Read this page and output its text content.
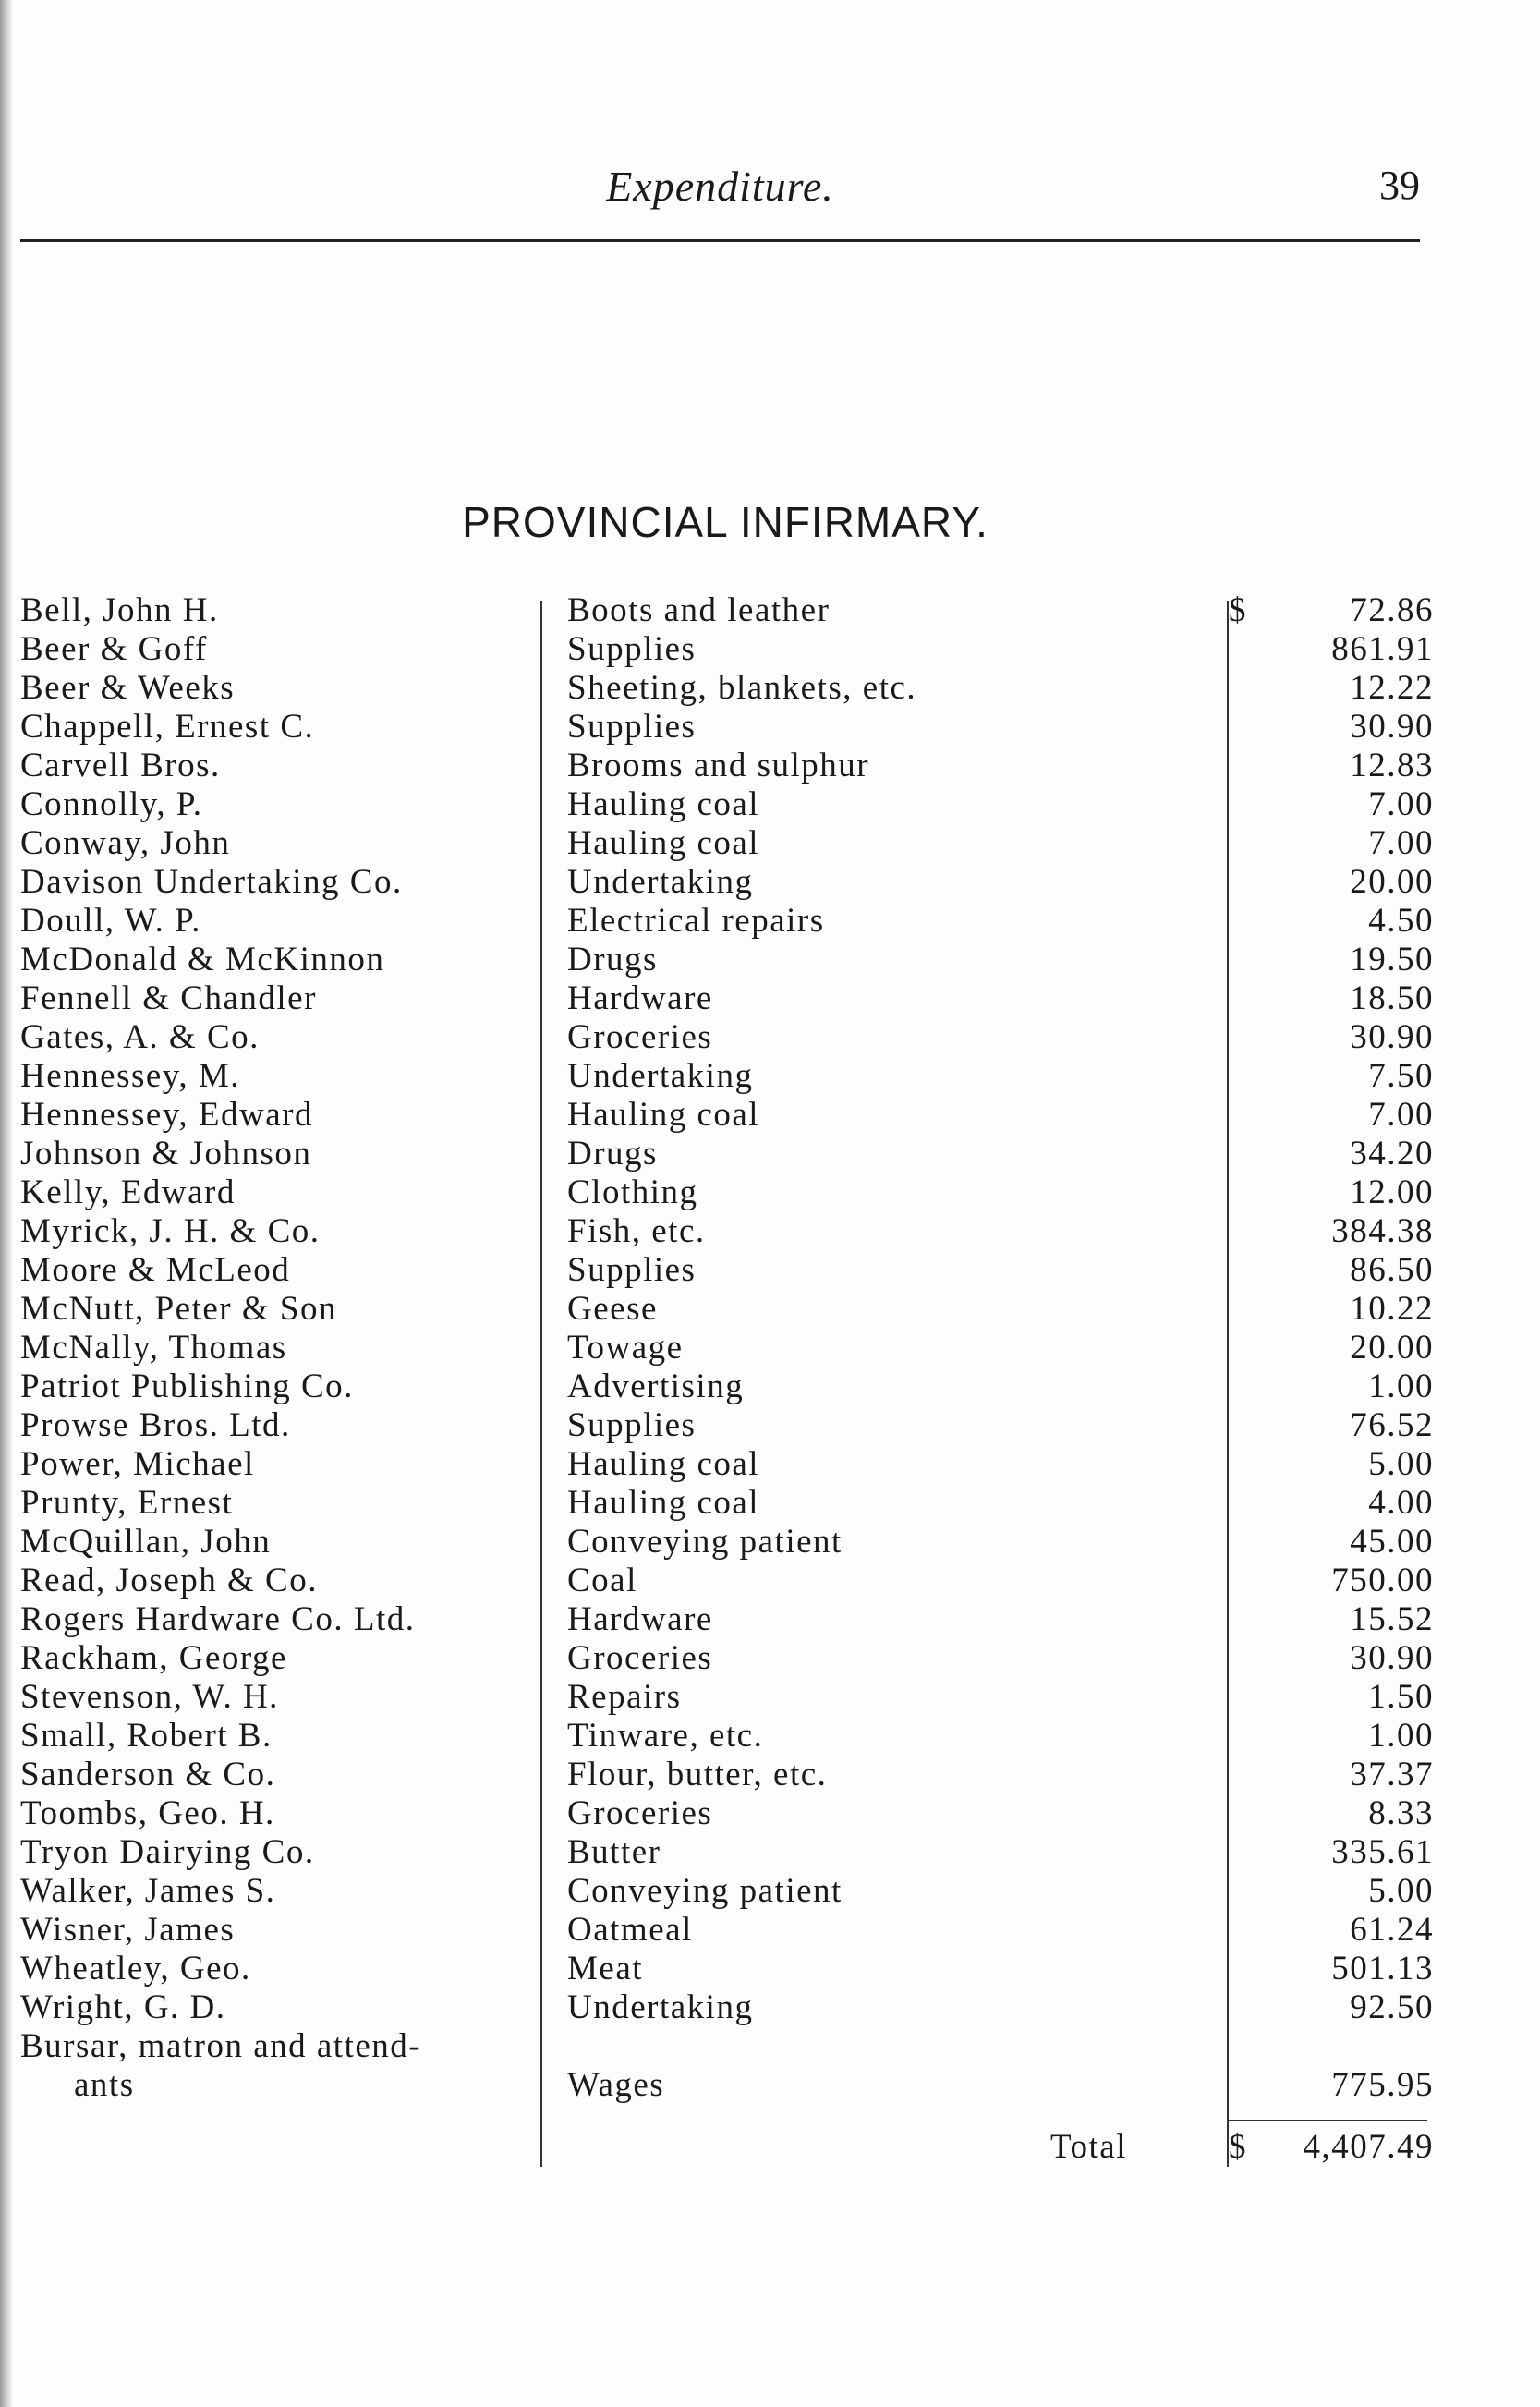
Expenditure.	39
PROVINCIAL INFIRMARY.
Bell, John H.	Boots and leather	72.86
$
Beer & Goff	Supplies	861.91
Beer & Weeks	Sheeting, blankets, etc.	12.22
Chappell, Ernest C.	Supplies	30.90
Carvell Bros.	Brooms and sulphur	12.83
Connolly, P.	Hauling coal	7.00
Conway, John	Hauling coal	7.00
Davison Undertaking Co.	Undertaking	20.00
Doull, W. P.	Electrical repairs	4.50
McDonald & McKinnon	Drugs	19.50
Fennell & Chandler	Hardware	18.50
Gates, A. & Co.	Groceries	30.90
Hennessey, M.	Undertaking	7.50
Hennessey, Edward	Hauling coal	7.00
Johnson & Johnson	Drugs	34.20
Kelly, Edward	Clothing	12.00
Myrick, J. H. & Co.	Fish, etc.	384.38
Moore & McLeod	Supplies	86.50
McNutt, Peter & Son	Geese	10.22
McNally, Thomas	Towage	20.00
Patriot Publishing Co.	Advertising	1.00
Prowse Bros. Ltd.	Supplies	76.52
Power, Michael	Hauling coal	5.00
Prunty, Ernest	Hauling coal	4.00
McQuillan, John	Conveying patient	45.00
Read, Joseph & Co.	Coal	750.00
Rogers Hardware Co. Ltd.	Hardware	15.52
Rackham, George	Groceries	30.90
Stevenson, W. H.	Repairs	1.50
Small, Robert B.	Tinware, etc.	1.00
Sanderson & Co.	Flour, butter, etc.	37.37
Toombs, Geo. H.	Groceries	8.33
Tryon Dairying Co.	Butter	335.61
Walker, James S.	Conveying patient	5.00
Wisner, James	Oatmeal	61.24
Wheatley, Geo.	Meat	501.13
Wright, G. D.	Undertaking	92.50
Bursar, matron and attend-
ants	Wages	775.95
Total	$ 4,407.49
